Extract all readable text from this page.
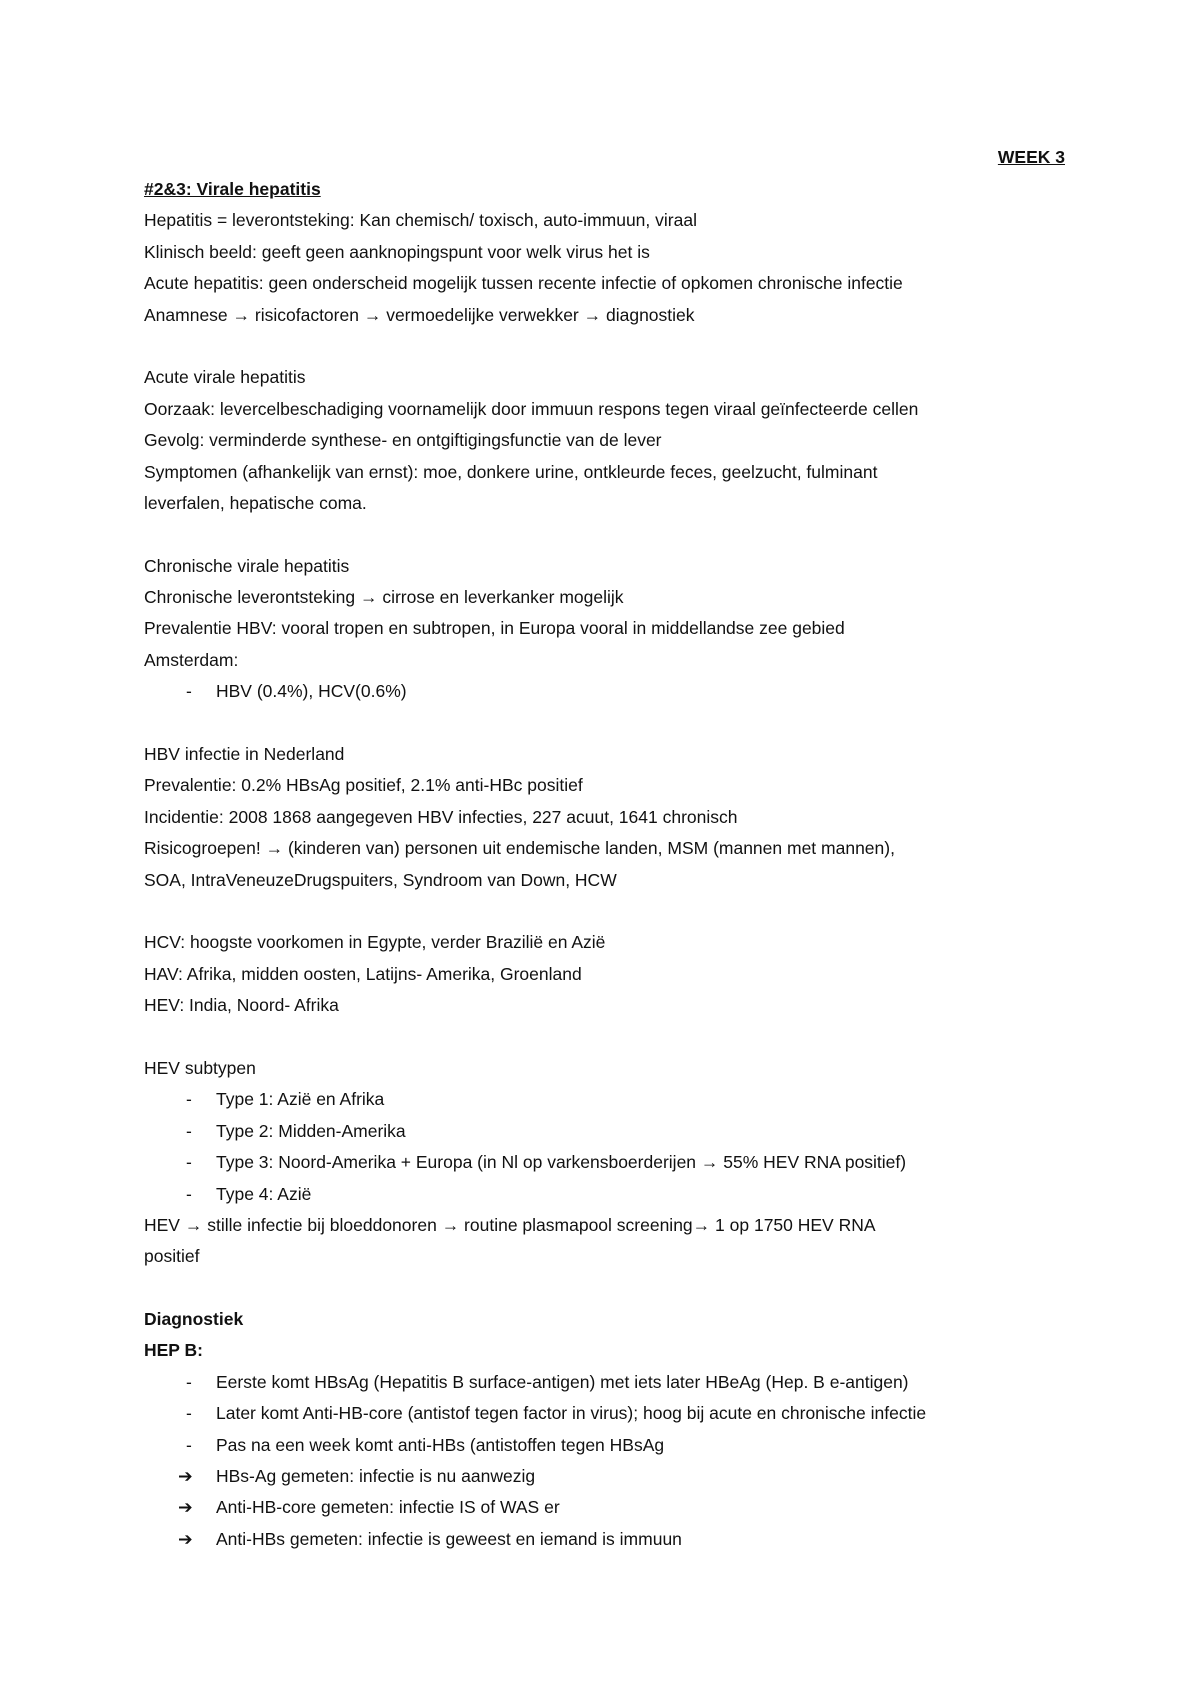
WEEK 3
#2&3: Virale hepatitis
Hepatitis = leverontsteking: Kan chemisch/ toxisch, auto-immuun, viraal
Klinisch beeld: geeft geen aanknopingspunt voor welk virus het is
Acute hepatitis: geen onderscheid mogelijk tussen recente infectie of opkomen chronische infectie
Anamnese → risicofactoren → vermoedelijke verwekker → diagnostiek
Acute virale hepatitis
Oorzaak: levercelbeschadiging voornamelijk door immuun respons tegen viraal geïnfecteerde cellen
Gevolg: verminderde synthese- en ontgiftigingsfunctie van de lever
Symptomen (afhankelijk van ernst): moe, donkere urine, ontkleurde feces, geelzucht, fulminant
leverfalen, hepatische coma.
Chronische virale hepatitis
Chronische leverontsteking → cirrose en leverkanker mogelijk
Prevalentie HBV: vooral tropen en subtropen, in Europa vooral in middellandse zee gebied
Amsterdam:
- HBV (0.4%), HCV(0.6%)
HBV infectie in Nederland
Prevalentie: 0.2% HBsAg positief, 2.1% anti-HBc positief
Incidentie: 2008 1868 aangegeven HBV infecties, 227 acuut, 1641 chronisch
Risicogroepen! → (kinderen van) personen uit endemische landen, MSM (mannen met mannen),
SOA, IntraVeneuzeDrugspuiters, Syndroom van Down, HCW
HCV: hoogste voorkomen in Egypte, verder Brazilië en Azië
HAV: Afrika, midden oosten, Latijns- Amerika, Groenland
HEV: India, Noord- Afrika
HEV subtypen
- Type 1: Azië en Afrika
- Type 2: Midden-Amerika
- Type 3: Noord-Amerika + Europa (in Nl op varkensboerderijen → 55% HEV RNA positief)
- Type 4: Azië
HEV → stille infectie bij bloeddonoren → routine plasmapool screening→ 1 op 1750 HEV RNA
positief
Diagnostiek
HEP B:
- Eerste komt HBsAg (Hepatitis B surface-antigen) met iets later HBeAg (Hep. B e-antigen)
- Later komt Anti-HB-core (antistof tegen factor in virus); hoog bij acute en chronische infectie
- Pas na een week komt anti-HBs (antistoffen tegen HBsAg
➔ HBs-Ag gemeten: infectie is nu aanwezig
➔ Anti-HB-core gemeten: infectie IS of WAS er
➔ Anti-HBs gemeten: infectie is geweest en iemand is immuun
